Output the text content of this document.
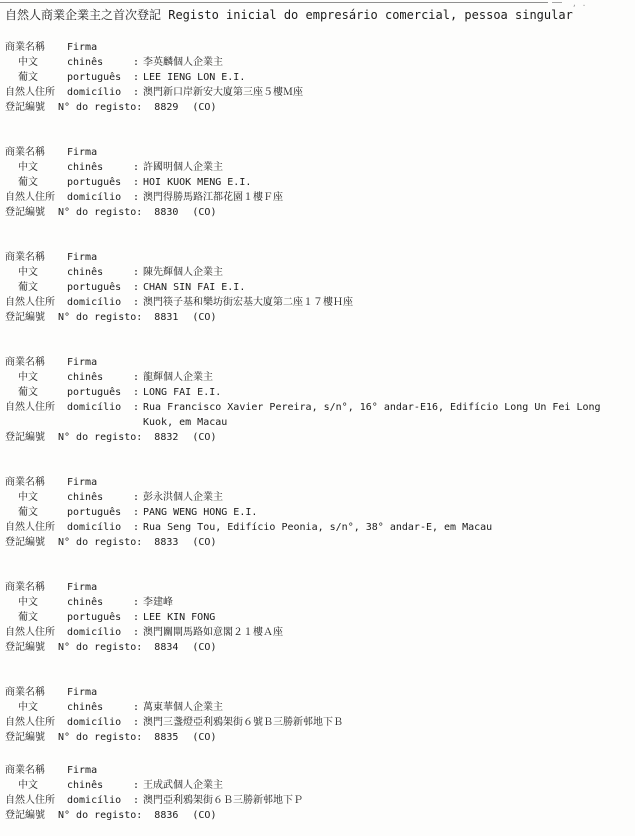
, .
自然人商業企業主之首次登記 Registo inicial do empresário comercial, pessoa singular
商業名稱	Firma
中文	chinês	: 李英麟個人企業主
葡文	português	: LEE IENG LON E.I.
自然人住所	domicílio	: 澳門新口岸新安大廈第三座５樓Ｍ座
登記編號	N° do registo: 8829 (CO)
商業名稱	Firma
中文	chinês	: 許國明個人企業主
葡文	português	: HOI KUOK MENG E.I.
自然人住所	domicílio	: 澳門得勝馬路江都花園１樓Ｆ座
登記編號	N° do registo: 8830 (CO)
商業名稱	Firma
中文	chinês	: 陳先輝個人企業主
葡文	português	: CHAN SIN FAI E.I.
自然人住所	domicílio	: 澳門筷子基和樂坊街宏基大廈第二座１７樓Ｈ座
登記編號	N° do registo: 8831 (CO)
商業名稱	Firma
中文	chinês	: 龍輝個人企業主
葡文	português	: LONG FAI E.I.
自然人住所	domicílio	: Rua Francisco Xavier Pereira, s/n°, 16° andar-E16, Edifício Long Un Fei Long Kuok, em Macau
登記編號	N° do registo: 8832 (CO)
商業名稱	Firma
中文	chinês	: 彭永洪個人企業主
葡文	português	: PANG WENG HONG E.I.
自然人住所	domicílio	: Rua Seng Tou, Edifício Peonia, s/n°, 38° andar-E, em Macau
登記編號	N° do registo: 8833 (CO)
商業名稱	Firma
中文	chinês	: 李建峰
葡文	português	: LEE KIN FONG
自然人住所	domicílio	: 澳門關閘馬路如意閣２１樓Ａ座
登記編號	N° do registo: 8834 (CO)
商業名稱	Firma
中文	chinês	: 萬東華個人企業主
自然人住所	domicílio	: 澳門三盞燈亞利鴉架街６號Ｂ三勝新邨地下Ｂ
登記編號	N° do registo: 8835 (CO)
商業名稱	Firma
中文	chinês	: 王成武個人企業主
自然人住所	domicílio	: 澳門亞利鴉架街６Ｂ三勝新邨地下Ｐ
登記編號	N° do registo: 8836 (CO)
